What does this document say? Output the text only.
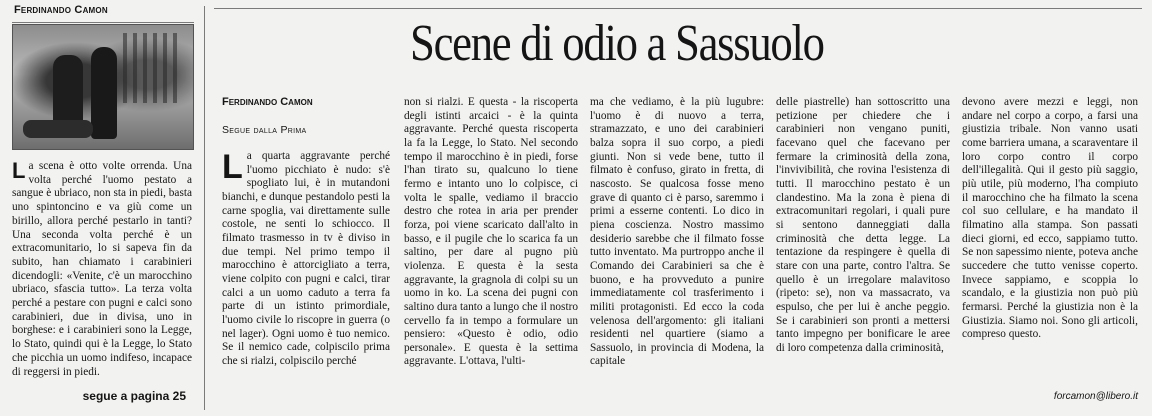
Ferdinando Camon
La scena è otto volte orrenda. Una volta perché l'uomo pestato a sangue è ubriaco, non sta in piedi, basta uno spintoncino e va giù come un birillo, allora perché pestarlo in tanti? Una seconda volta perché è un extracomunitario, lo si sapeva fin da subito, han chiamato i carabinieri dicendogli: «Venite, c'è un marocchino ubriaco, sfascia tutto». La terza volta perché a pestare con pugni e calci sono carabinieri, due in divisa, uno in borghese: e i carabinieri sono la Legge, lo Stato, quindi qui è la Legge, lo Stato che picchia un uomo indifeso, incapace di reggersi in piedi.
segue a pagina 25
Scene di odio a Sassuolo
Ferdinando Camon
Segue dalla Prima
La quarta aggravante perché l'uomo picchiato è nudo: s'è spogliato lui, è in mutandoni bianchi, e dunque pestandolo pesti la carne spoglia, vai direttamente sulle costole, ne senti lo schiocco. Il filmato trasmesso in tv è diviso in due tempi. Nel primo tempo il marocchino è attorcigliato a terra, viene colpito con pugni e calci, tirar calci a un uomo caduto a terra fa parte di un istinto primordiale, l'uomo civile lo riscopre in guerra (o nel lager). Ogni uomo è tuo nemico. Se il nemico cade, colpiscilo prima che si rialzi, colpiscilo perché
non si rialzi. E questa - la riscoperta degli istinti arcaici - è la quinta aggravante. Perché questa riscoperta la fa la Legge, lo Stato. Nel secondo tempo il marocchino è in piedi, forse l'han tirato su, qualcuno lo tiene fermo e intanto uno lo colpisce, ci volta le spalle, vediamo il braccio destro che rotea in aria per prender forza, poi viene scaricato dall'alto in basso, e il pugile che lo scarica fa un saltino, per dare al pugno più violenza. E questa è la sesta aggravante, la gragnola di colpi su un uomo in ko. La scena dei pugni con saltino dura tanto a lungo che il nostro cervello fa in tempo a formulare un pensiero: «Questo è odio, odio personale». E questa è la settima aggravante. L'ottava, l'ulti-
ma che vediamo, è la più lugubre: l'uomo è di nuovo a terra, stramazzato, e uno dei carabinieri balza sopra il suo corpo, a piedi giunti. Non si vede bene, tutto il filmato è confuso, girato in fretta, di nascosto. Se qualcosa fosse meno grave di quanto ci è parso, saremmo i primi a esserne contenti. Lo dico in piena coscienza. Nostro massimo desiderio sarebbe che il filmato fosse tutto inventato. Ma purtroppo anche il Comando dei Carabinieri sa che è buono, e ha provveduto a punire immediatamente col trasferimento i militi protagonisti. Ed ecco la coda velenosa dell'argomento: gli italiani residenti nel quartiere (siamo a Sassuolo, in provincia di Modena, la capitale
delle piastrelle) han sottoscritto una petizione per chiedere che i carabinieri non vengano puniti, facevano quel che facevano per fermare la criminosità della zona, l'invivibilità, che rovina l'esistenza di tutti. Il marocchino pestato è un clandestino. Ma la zona è piena di extracomunitari regolari, i quali pure si sentono danneggiati dalla criminosità che detta legge. La tentazione da respingere è quella di stare con una parte, contro l'altra. Se quello è un irregolare malavitoso (ripeto: se), non va massacrato, va espulso, che per lui è anche peggio. Se i carabinieri son pronti a mettersi tanto impegno per bonificare le aree di loro competenza dalla criminosità,
devono avere mezzi e leggi, non andare nel corpo a corpo, a farsi una giustizia tribale. Non vanno usati come barriera umana, a scaraventare il loro corpo contro il corpo dell'illegalità. Qui il gesto più saggio, più utile, più moderno, l'ha compiuto il marocchino che ha filmato la scena col suo cellulare, e ha mandato il filmatino alla stampa. Son passati dieci giorni, ed ecco, sappiamo tutto. Se non sapessimo niente, poteva anche succedere che tutto venisse coperto. Invece sappiamo, e scoppia lo scandalo, e la giustizia non può più fermarsi. Perché la giustizia non è la Giustizia. Siamo noi. Sono gli articoli, compreso questo.
forcamon@libero.it
